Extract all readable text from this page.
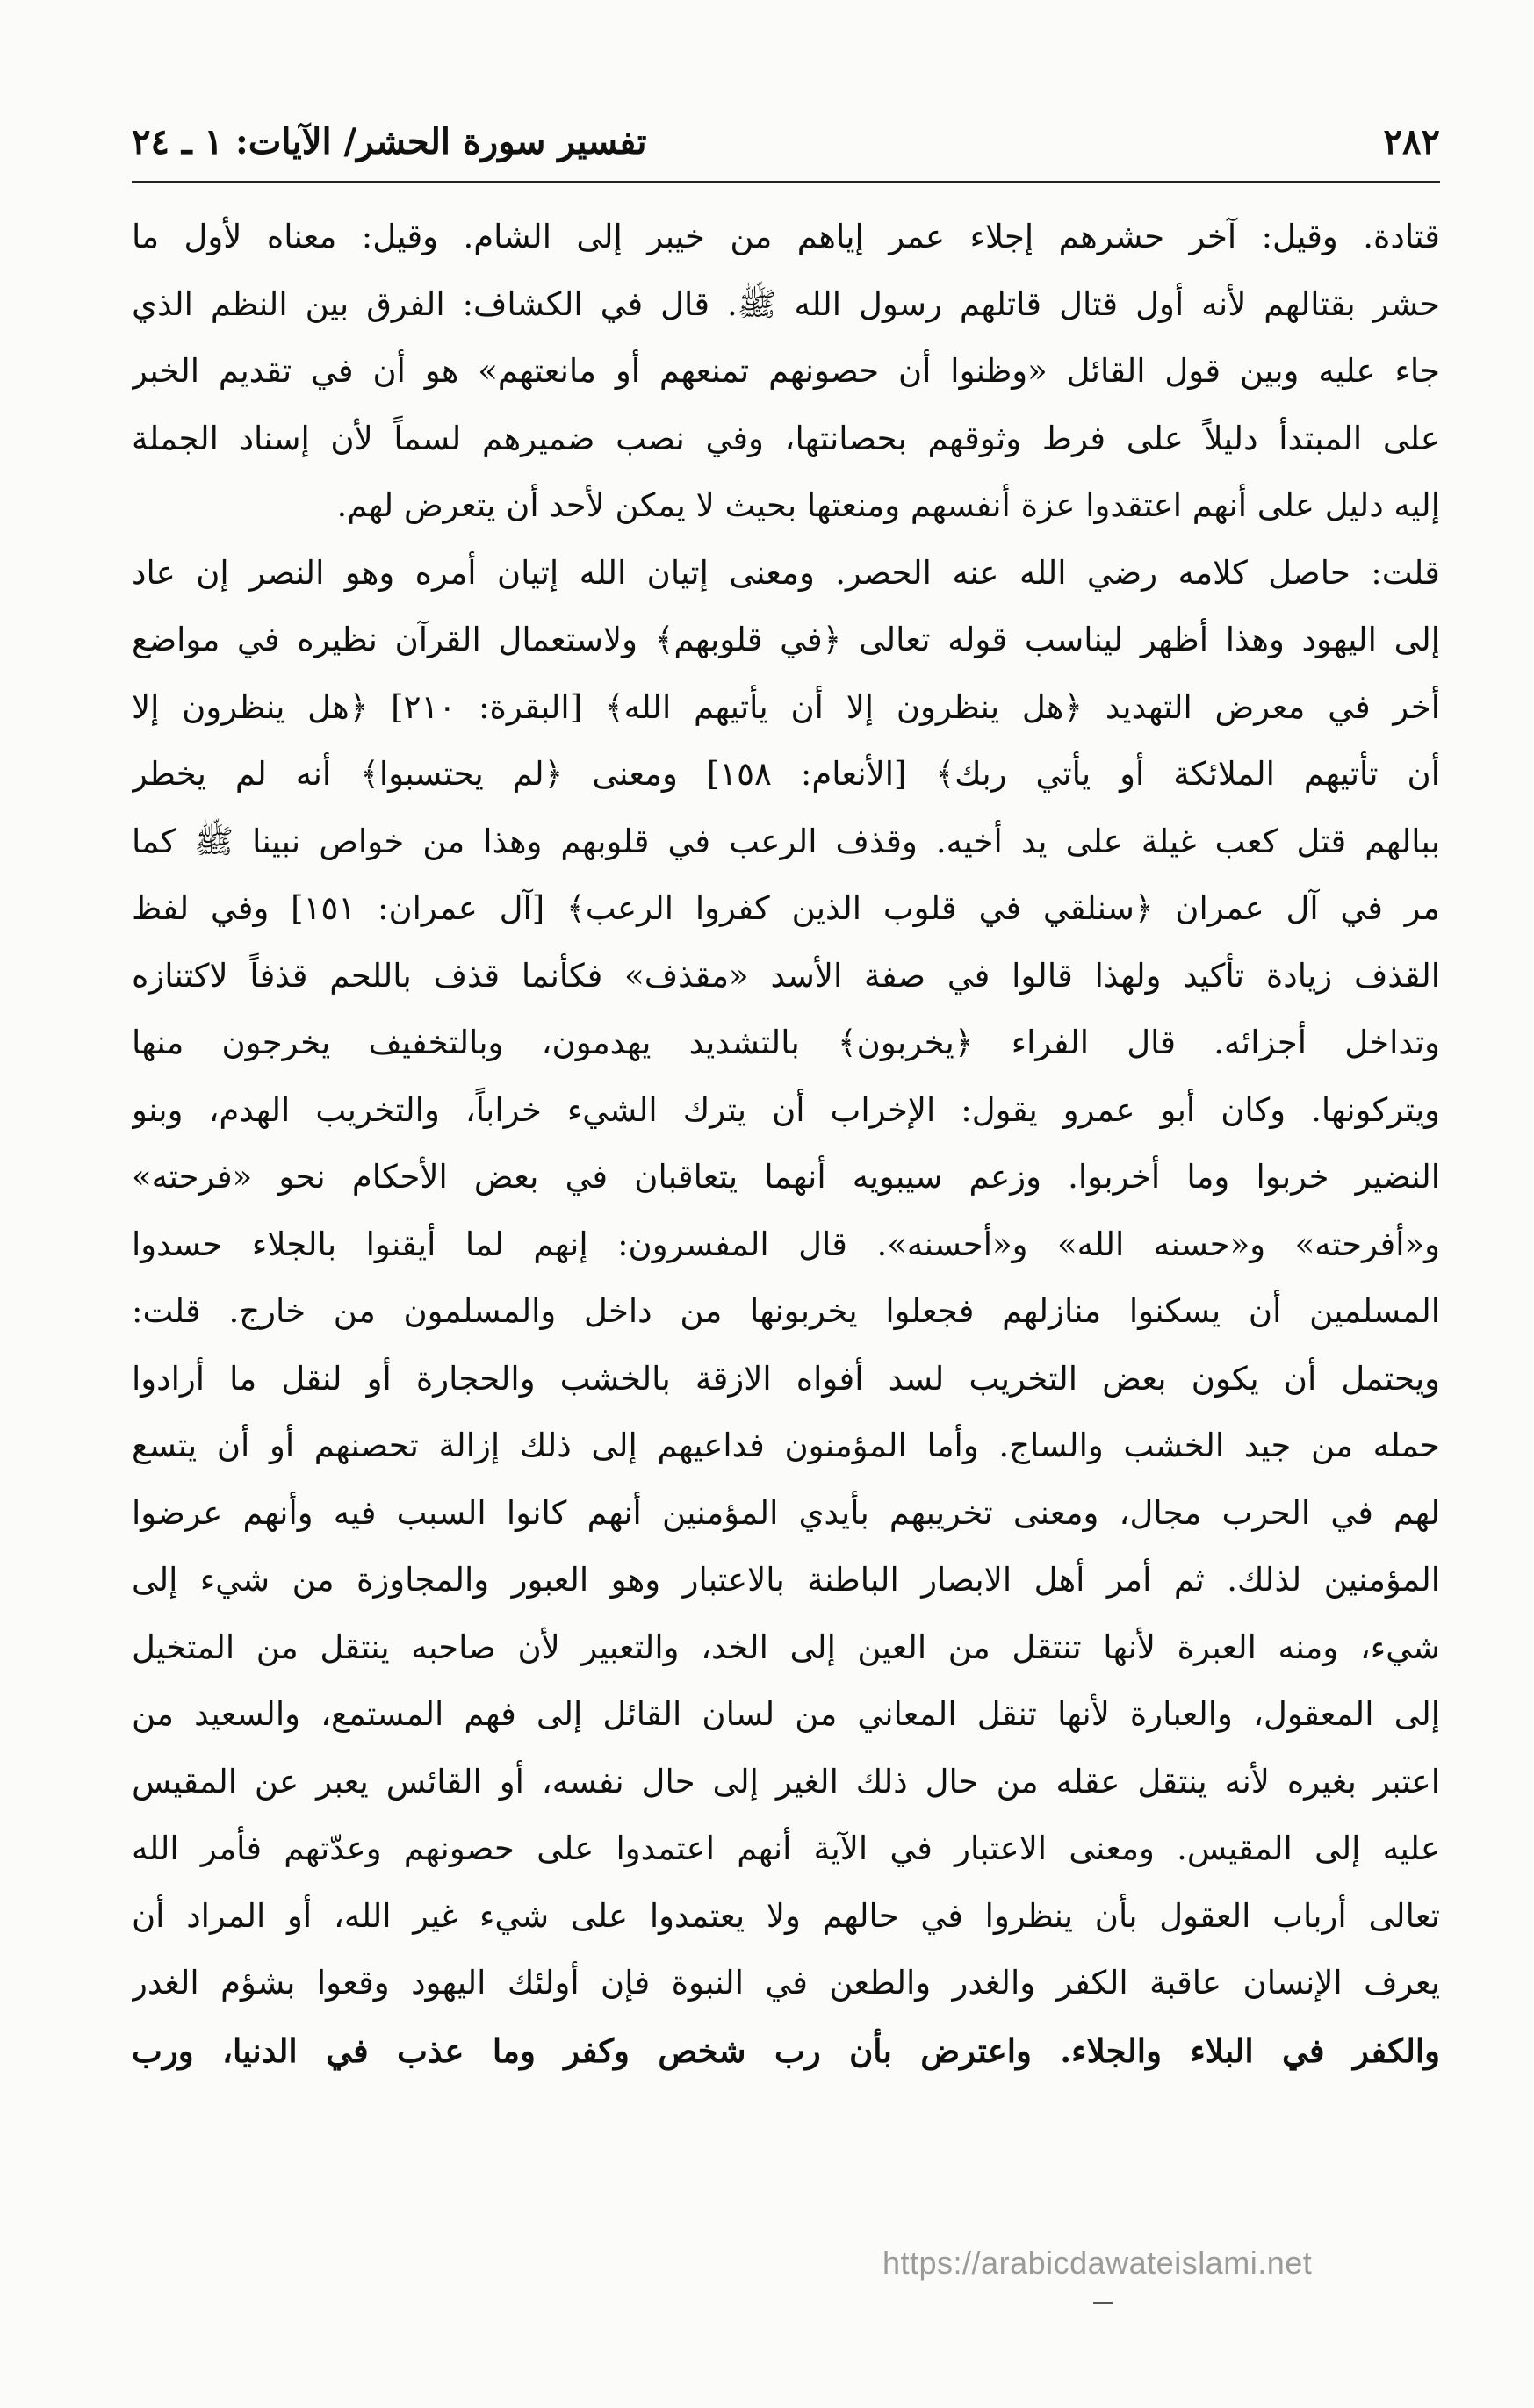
٢٨٢
تفسير سورة الحشر/ الآيات: ١ ـ ٢٤
قتادة. وقيل: آخر حشرهم إجلاء عمر إياهم من خيبر إلى الشام. وقيل: معناه لأول ما
حشر بقتالهم لأنه أول قتال قاتلهم رسول الله ﷺ. قال في الكشاف: الفرق بين النظم الذي
جاء عليه وبين قول القائل «وظنوا أن حصونهم تمنعهم أو مانعتهم» هو أن في تقديم الخبر
على المبتدأ دليلاً على فرط وثوقهم بحصانتها، وفي نصب ضميرهم لسماً لأن إسناد الجملة
إليه دليل على أنهم اعتقدوا عزة أنفسهم ومنعتها بحيث لا يمكن لأحد أن يتعرض لهم.
قلت: حاصل كلامه رضي الله عنه الحصر. ومعنى إتيان الله إتيان أمره وهو النصر إن عاد
إلى اليهود وهذا أظهر ليناسب قوله تعالى ﴿في قلوبهم﴾ ولاستعمال القرآن نظيره في مواضع
أخر في معرض التهديد ﴿هل ينظرون إلا أن يأتيهم الله﴾ [البقرة: ٢١٠] ﴿هل ينظرون إلا
أن تأتيهم الملائكة أو يأتي ربك﴾ [الأنعام: ١٥٨] ومعنى ﴿لم يحتسبوا﴾ أنه لم يخطر
ببالهم قتل كعب غيلة على يد أخيه. وقذف الرعب في قلوبهم وهذا من خواص نبينا ﷺ كما
مر في آل عمران ﴿سنلقي في قلوب الذين كفروا الرعب﴾ [آل عمران: ١٥١] وفي لفظ
القذف زيادة تأكيد ولهذا قالوا في صفة الأسد «مقذف» فكأنما قذف باللحم قذفاً لاكتنازه
وتداخل أجزائه. قال الفراء ﴿يخربون﴾ بالتشديد يهدمون، وبالتخفيف يخرجون منها
ويتركونها. وكان أبو عمرو يقول: الإخراب أن يترك الشيء خراباً، والتخريب الهدم، وبنو
النضير خربوا وما أخربوا. وزعم سيبويه أنهما يتعاقبان في بعض الأحكام نحو «فرحته»
و«أفرحته» و«حسنه الله» و«أحسنه». قال المفسرون: إنهم لما أيقنوا بالجلاء حسدوا
المسلمين أن يسكنوا منازلهم فجعلوا يخربونها من داخل والمسلمون من خارج. قلت:
ويحتمل أن يكون بعض التخريب لسد أفواه الازقة بالخشب والحجارة أو لنقل ما أرادوا
حمله من جيد الخشب والساج. وأما المؤمنون فداعيهم إلى ذلك إزالة تحصنهم أو أن يتسع
لهم في الحرب مجال، ومعنى تخريبهم بأيدي المؤمنين أنهم كانوا السبب فيه وأنهم عرضوا
المؤمنين لذلك. ثم أمر أهل الابصار الباطنة بالاعتبار وهو العبور والمجاوزة من شيء إلى
شيء، ومنه العبرة لأنها تنتقل من العين إلى الخد، والتعبير لأن صاحبه ينتقل من المتخيل
إلى المعقول، والعبارة لأنها تنقل المعاني من لسان القائل إلى فهم المستمع، والسعيد من
اعتبر بغيره لأنه ينتقل عقله من حال ذلك الغير إلى حال نفسه، أو القائس يعبر عن المقيس
عليه إلى المقيس. ومعنى الاعتبار في الآية أنهم اعتمدوا على حصونهم وعدّتهم فأمر الله
تعالى أرباب العقول بأن ينظروا في حالهم ولا يعتمدوا على شيء غير الله، أو المراد أن
يعرف الإنسان عاقبة الكفر والغدر والطعن في النبوة فإن أولئك اليهود وقعوا بشؤم الغدر
والكفر في البلاء والجلاء. واعترض بأن رب شخص وكفر وما عذب في الدنيا، ورب
https://arabicdawateislami.net
